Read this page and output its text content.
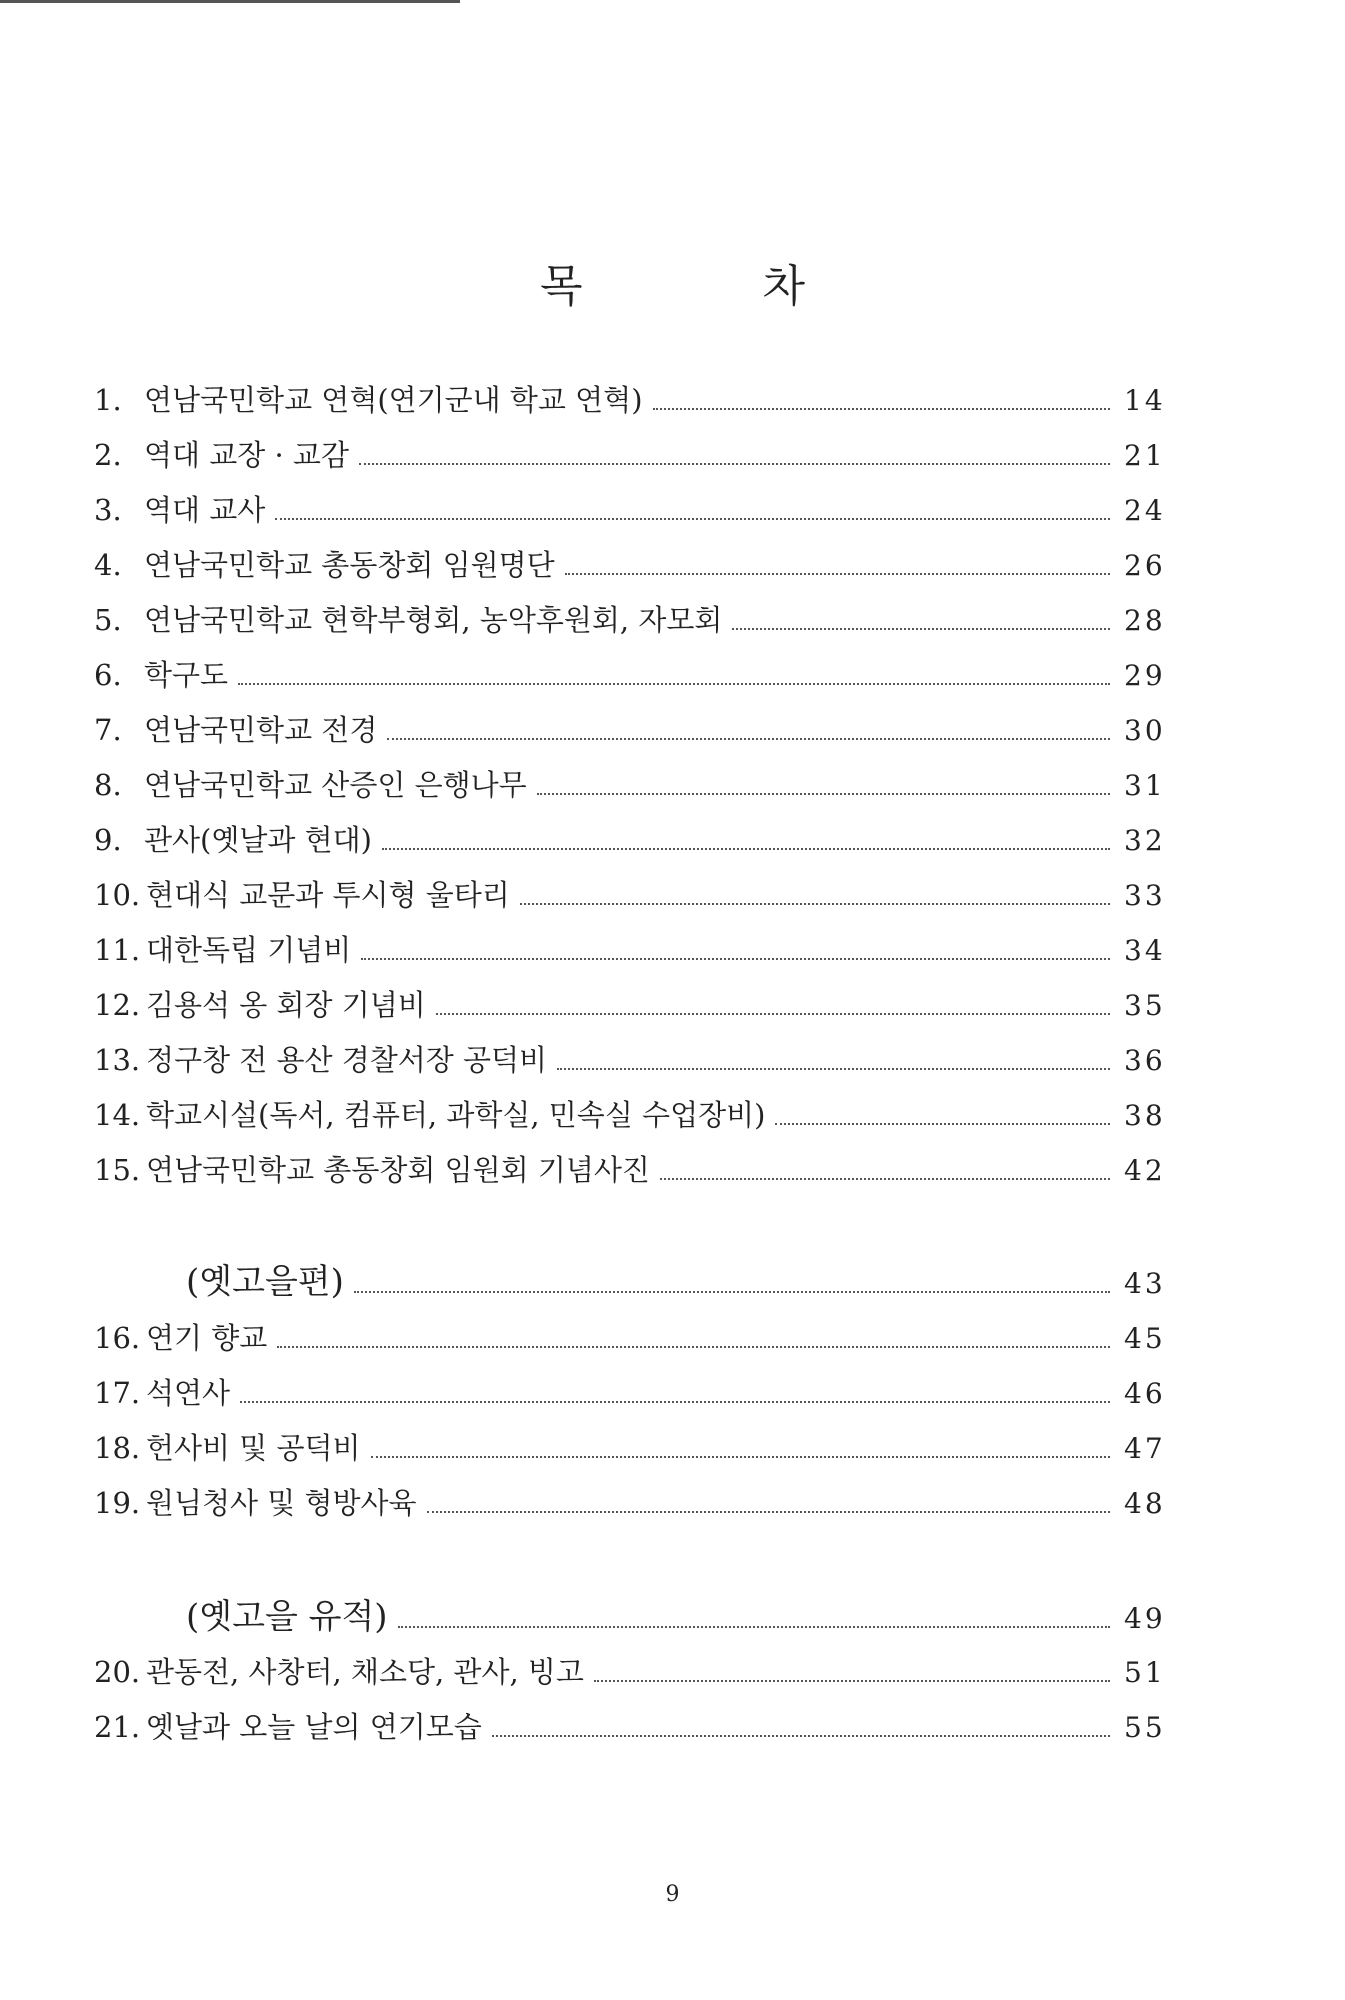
목	차
1. 연남국민학교 연혁(연기군내 학교 연혁)	14
2. 역대 교장 · 교감	21
3. 역대 교사	24
4. 연남국민학교 총동창회 임원명단	26
5. 연남국민학교 현학부형회, 농악후원회, 자모회	28
6. 학구도	29
7. 연남국민학교 전경	30
8. 연남국민학교 산증인 은행나무	31
9. 관사(옛날과 현대)	32
10. 현대식 교문과 투시형 울타리	33
11. 대한독립 기념비	34
12. 김용석 옹 회장 기념비	35
13. 정구창 전 용산 경찰서장 공덕비	36
14. 학교시설(독서, 컴퓨터, 과학실, 민속실 수업장비)	38
15. 연남국민학교 총동창회 임원회 기념사진	42
(옛고을편)	43
16. 연기 향교	45
17. 석연사	46
18. 헌사비 및 공덕비	47
19. 원님청사 및 형방사육	48
(옛고을 유적)	49
20. 관동전, 사창터, 채소당, 관사, 빙고	51
21. 옛날과 오늘 날의 연기모습	55
9
